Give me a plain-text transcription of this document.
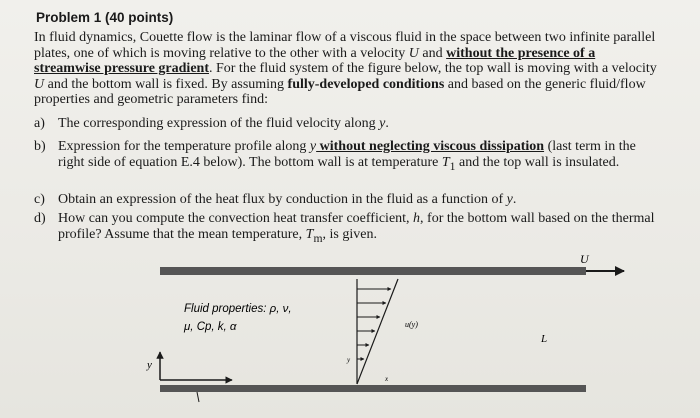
Problem 1 (40 points)
In fluid dynamics, Couette flow is the laminar flow of a viscous fluid in the space between two infinite parallel plates, one of which is moving relative to the other with a velocity U and without the presence of a streamwise pressure gradient. For the fluid system of the figure below, the top wall is moving with a velocity U and the bottom wall is fixed. By assuming fully-developed conditions and based on the generic fluid/flow properties and geometric parameters find:
a) The corresponding expression of the fluid velocity along y.
b) Expression for the temperature profile along y without neglecting viscous dissipation (last term in the right side of equation E.4 below). The bottom wall is at temperature $T_1$ and the top wall is insulated.
c) Obtain an expression of the heat flux by conduction in the fluid as a function of y.
d) How can you compute the convection heat transfer coefficient, h, for the bottom wall based on the thermal profile? Assume that the mean temperature, $T_m$, is given.
U
Fluid properties: ρ, ν,
μ, Cp, k, α	u(y)
y
x
L
y
